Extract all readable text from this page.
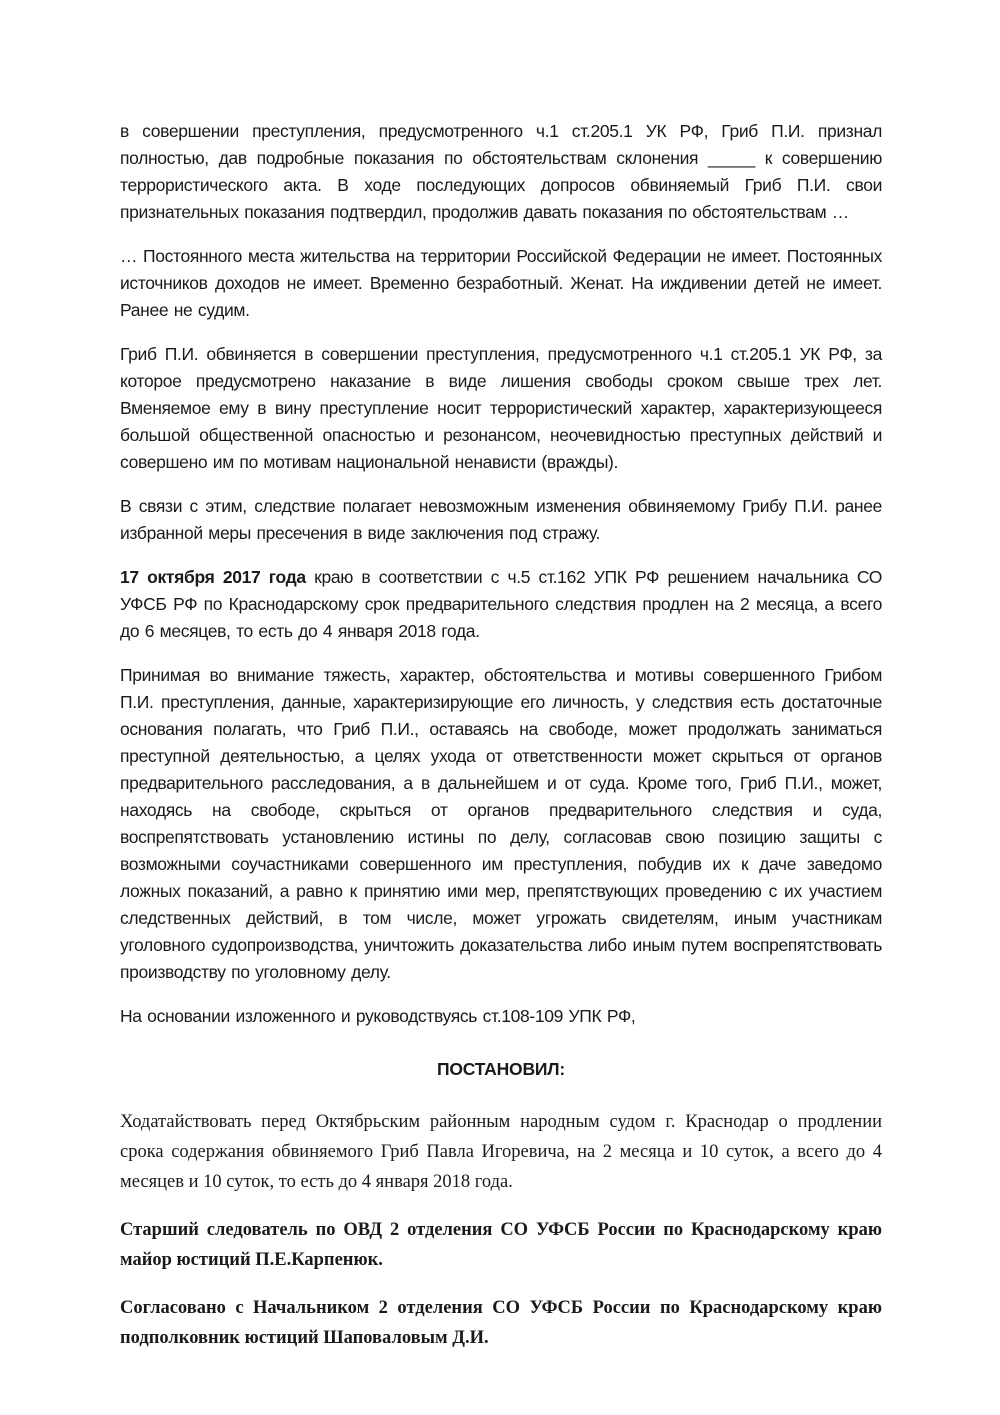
в совершении преступления, предусмотренного ч.1 ст.205.1 УК РФ, Гриб П.И. признал полностью, дав подробные показания по обстоятельствам склонения _____ к совершению террористического акта. В ходе последующих допросов обвиняемый Гриб П.И. свои признательных показания подтвердил, продолжив давать показания по обстоятельствам …

… Постоянного места жительства на территории Российской Федерации не имеет. Постоянных источников доходов не имеет. Временно безработный. Женат. На иждивении детей не имеет. Ранее не судим.

Гриб П.И. обвиняется в совершении преступления, предусмотренного ч.1 ст.205.1 УК РФ, за которое предусмотрено наказание в виде лишения свободы сроком свыше трех лет. Вменяемое ему в вину преступление носит террористический характер, характеризующееся большой общественной опасностью и резонансом, неочевидностью преступных действий и совершено им по мотивам национальной ненависти (вражды).

В связи с этим, следствие полагает невозможным изменения обвиняемому Грибу П.И. ранее избранной меры пресечения в виде заключения под стражу.

17 октября 2017 года краю в соответствии с ч.5 ст.162 УПК РФ решением начальника СО УФСБ РФ по Краснодарскому срок предварительного следствия продлен на 2 месяца, а всего до 6 месяцев, то есть до 4 января 2018 года.

Принимая во внимание тяжесть, характер, обстоятельства и мотивы совершенного Грибом П.И. преступления, данные, характеризирующие его личность, у следствия есть достаточные основания полагать, что Гриб П.И., оставаясь на свободе, может продолжать заниматься преступной деятельностью, а целях ухода от ответственности может скрыться от органов предварительного расследования, а в дальнейшем и от суда. Кроме того, Гриб П.И., может, находясь на свободе, скрыться от органов предварительного следствия и суда, воспрепятствовать установлению истины по делу, согласовав свою позицию защиты с возможными соучастниками совершенного им преступления, побудив их к даче заведомо ложных показаний, а равно к принятию ими мер, препятствующих проведению с их участием следственных действий, в том числе, может угрожать свидетелям, иным участникам уголовного судопроизводства, уничтожить доказательства либо иным путем воспрепятствовать производству по уголовному делу.

На основании изложенного и руководствуясь ст.108-109 УПК РФ,

ПОСТАНОВИЛ:

Ходатайствовать перед Октябрьским районным народным судом г. Краснодар о продлении срока содержания обвиняемого Гриб Павла Игоревича, на 2 месяца и 10 суток, а всего до 4 месяцев и 10 суток, то есть до 4 января 2018 года.

Старший следователь по ОВД 2 отделения СО УФСБ России по Краснодарскому краю майор юстиций П.Е.Карпенюк.

Согласовано с Начальником 2 отделения СО УФСБ России по Краснодарскому краю подполковник юстиций Шаповаловым Д.И.
